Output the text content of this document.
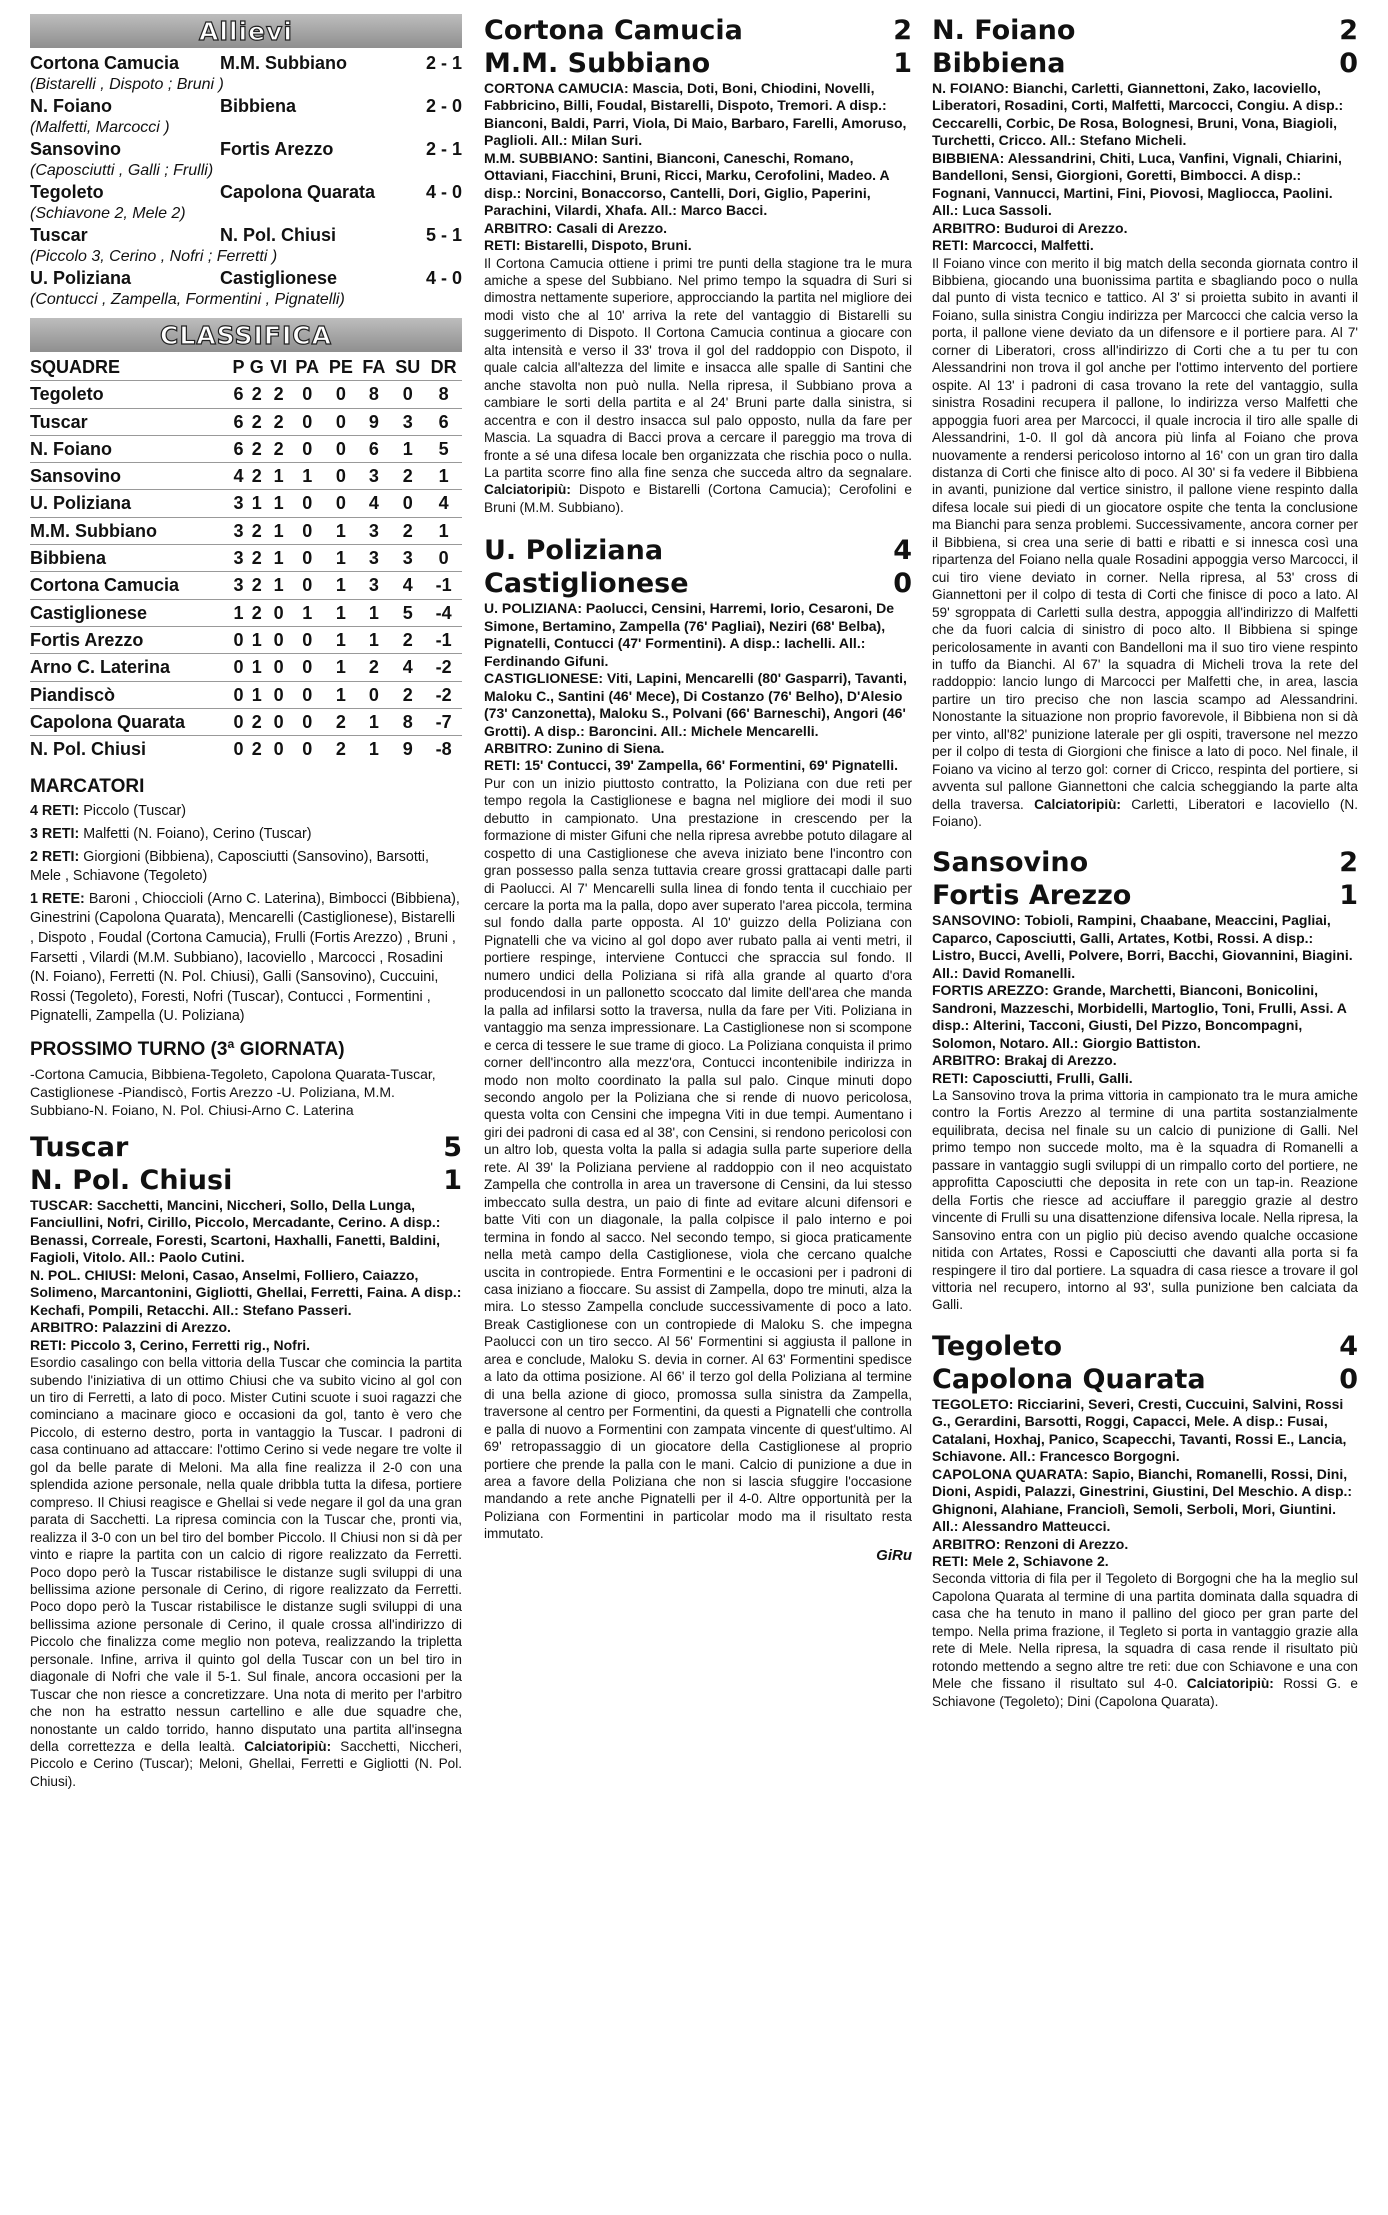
Allievi
Cortona Camucia	M.M. Subbiano	2 - 1
(Bistarelli , Dispoto ; Bruni )		
N. Foiano	Bibbiena	2 - 0
(Malfetti, Marcocci )		
Sansovino	Fortis Arezzo	2 - 1
(Caposciutti , Galli ; Frulli)		
Tegoleto	Capolona Quarata	4 - 0
(Schiavone 2, Mele 2)		
Tuscar	N. Pol. Chiusi	5 - 1
(Piccolo 3, Cerino , Nofri ; Ferretti )		
U. Poliziana	Castiglionese	4 - 0
(Contucci , Zampella, Formentini , Pignatelli)		
CLASSIFICA
SQUADRE	P	G	VI	PA	PE	FA	SU	DR
Tegoleto	6	2	2	0	0	8	0	8
Tuscar	6	2	2	0	0	9	3	6
N. Foiano	6	2	2	0	0	6	1	5
Sansovino	4	2	1	1	0	3	2	1
U. Poliziana	3	1	1	0	0	4	0	4
M.M. Subbiano	3	2	1	0	1	3	2	1
Bibbiena	3	2	1	0	1	3	3	0
Cortona Camucia	3	2	1	0	1	3	4	-1
Castiglionese	1	2	0	1	1	1	5	-4
Fortis Arezzo	0	1	0	0	1	1	2	-1
Arno C. Laterina	0	1	0	0	1	2	4	-2
Piandiscò	0	1	0	0	1	0	2	-2
Capolona Quarata	0	2	0	0	2	1	8	-7
N. Pol. Chiusi	0	2	0	0	2	1	9	-8
MARCATORI

4 RETI: Piccolo (Tuscar)

3 RETI: Malfetti (N. Foiano), Cerino (Tuscar)

2 RETI: Giorgioni (Bibbiena), Caposciutti (Sansovino), Barsotti, Mele , Schiavone (Tegoleto)

1 RETE: Baroni , Chioccioli (Arno C. Laterina), Bimbocci (Bibbiena), Ginestrini (Capolona Quarata), Mencarelli (Castiglionese), Bistarelli , Dispoto , Foudal (Cortona Camucia), Frulli (Fortis Arezzo) , Bruni , Farsetti , Vilardi (M.M. Subbiano), Iacoviello , Marcocci , Rosadini (N. Foiano), Ferretti (N. Pol. Chiusi), Galli (Sansovino), Cuccuini, Rossi (Tegoleto), Foresti, Nofri (Tuscar), Contucci , Formentini , Pignatelli, Zampella (U. Poliziana)

PROSSIMO TURNO (3ª GIORNATA)

-Cortona Camucia, Bibbiena-Tegoleto, Capolona Quarata-Tuscar, Castiglionese -Piandiscò, Fortis Arezzo -U. Poliziana, M.M. Subbiano-N. Foiano, N. Pol. Chiusi-Arno C. Laterina

Tuscar	5
N. Pol. Chiusi	1

TUSCAR: Sacchetti, Mancini, Niccheri, Sollo, Della Lunga, Fanciullini, Nofri, Cirillo, Piccolo, Mercadante, Cerino. A disp.: Benassi, Correale, Foresti, Scartoni, Haxhalli, Fanetti, Baldini, Fagioli, Vitolo. All.: Paolo Cutini.

N. POL. CHIUSI: Meloni, Casao, Anselmi, Folliero, Caiazzo, Solimeno, Marcantonini, Gigliotti, Ghellai, Ferretti, Faina. A disp.: Kechafi, Pompili, Retacchi. All.: Stefano Passeri.

ARBITRO: Palazzini di Arezzo.

RETI: Piccolo 3, Cerino, Ferretti rig., Nofri.

Esordio casalingo con bella vittoria della Tuscar che comincia la partita subendo l'iniziativa di un ottimo Chiusi che va subito vicino al gol con un tiro di Ferretti, a lato di poco. Mister Cutini scuote i suoi ragazzi che cominciano a macinare gioco e occasioni da gol, tanto è vero che Piccolo, di esterno destro, porta in vantaggio la Tuscar. I padroni di casa continuano ad attaccare: l'ottimo Cerino si vede negare tre volte il gol da belle parate di Meloni. Ma alla fine realizza il 2-0 con una splendida azione personale, nella quale dribbla tutta la difesa, portiere compreso. Il Chiusi reagisce e Ghellai si vede negare il gol da una gran parata di Sacchetti. La ripresa comincia con la Tuscar che, pronti via, realizza il 3-0 con un bel tiro del bomber Piccolo. Il Chiusi non si dà per vinto e riapre la partita con un calcio di rigore realizzato da Ferretti. Poco dopo però la Tuscar ristabilisce le distanze sugli sviluppi di una bellissima azione personale di Cerino, di rigore realizzato da Ferretti. Poco dopo però la Tuscar ristabilisce le distanze sugli sviluppi di una bellissima azione personale di Cerino, il quale crossa all'indirizzo di Piccolo che finalizza come meglio non poteva, realizzando la tripletta personale. Infine, arriva il quinto gol della Tuscar con un bel tiro in diagonale di Nofri che vale il 5-1. Sul finale, ancora occasioni per la Tuscar che non riesce a concretizzare. Una nota di merito per l'arbitro che non ha estratto nessun cartellino e alle due squadre che, nonostante un caldo torrido, hanno disputato una partita all'insegna della correttezza e della lealtà. Calciatoripiù: Sacchetti, Niccheri, Piccolo e Cerino (Tuscar); Meloni, Ghellai, Ferretti e Gigliotti (N. Pol. Chiusi).

Cortona Camucia	2
M.M. Subbiano	1

CORTONA CAMUCIA: Mascia, Doti, Boni, Chiodini, Novelli, Fabbricino, Billi, Foudal, Bistarelli, Dispoto, Tremori. A disp.: Bianconi, Baldi, Parri, Viola, Di Maio, Barbaro, Farelli, Amoruso, Paglioli. All.: Milan Suri.

M.M. SUBBIANO: Santini, Bianconi, Caneschi, Romano, Ottaviani, Fiacchini, Bruni, Ricci, Marku, Cerofolini, Madeo. A disp.: Norcini, Bonaccorso, Cantelli, Dori, Giglio, Paperini, Parachini, Vilardi, Xhafa. All.: Marco Bacci.

ARBITRO: Casali di Arezzo.

RETI: Bistarelli, Dispoto, Bruni.

Il Cortona Camucia ottiene i primi tre punti della stagione tra le mura amiche a spese del Subbiano. Nel primo tempo la squadra di Suri si dimostra nettamente superiore, approcciando la partita nel migliore dei modi visto che al 10' arriva la rete del vantaggio di Bistarelli su suggerimento di Dispoto. Il Cortona Camucia continua a giocare con alta intensità e verso il 33' trova il gol del raddoppio con Dispoto, il quale calcia all'altezza del limite e insacca alle spalle di Santini che anche stavolta non può nulla. Nella ripresa, il Subbiano prova a cambiare le sorti della partita e al 24' Bruni parte dalla sinistra, si accentra e con il destro insacca sul palo opposto, nulla da fare per Mascia. La squadra di Bacci prova a cercare il pareggio ma trova di fronte a sé una difesa locale ben organizzata che rischia poco o nulla. La partita scorre fino alla fine senza che succeda altro da segnalare. Calciatoripiù: Dispoto e Bistarelli (Cortona Camucia); Cerofolini e Bruni (M.M. Subbiano).

U. Poliziana	4
Castiglionese	0

U. POLIZIANA: Paolucci, Censini, Harremi, Iorio, Cesaroni, De Simone, Bertamino, Zampella (76' Pagliai), Neziri (68' Belba), Pignatelli, Contucci (47' Formentini). A disp.: Iachelli. All.: Ferdinando Gifuni.

CASTIGLIONESE: Viti, Lapini, Mencarelli (80' Gasparri), Tavanti, Maloku C., Santini (46' Mece), Di Costanzo (76' Belho), D'Alesio (73' Canzonetta), Maloku S., Polvani (66' Barneschi), Angori (46' Grotti). A disp.: Baroncini. All.: Michele Mencarelli.

ARBITRO: Zunino di Siena.

RETI: 15' Contucci, 39' Zampella, 66' Formentini, 69' Pignatelli.

Pur con un inizio piuttosto contratto, la Poliziana con due reti per tempo regola la Castiglionese e bagna nel migliore dei modi il suo debutto in campionato. Una prestazione in crescendo per la formazione di mister Gifuni che nella ripresa avrebbe potuto dilagare al cospetto di una Castiglionese che aveva iniziato bene l'incontro con gran possesso palla senza tuttavia creare grossi grattacapi dalle parti di Paolucci. Al 7' Mencarelli sulla linea di fondo tenta il cucchiaio per cercare la porta ma la palla, dopo aver superato l'area piccola, termina sul fondo dalla parte opposta. Al 10' guizzo della Poliziana con Pignatelli che va vicino al gol dopo aver rubato palla ai venti metri, il portiere respinge, interviene Contucci che spraccia sul fondo. Il numero undici della Poliziana si rifà alla grande al quarto d'ora producendosi in un pallonetto scoccato dal limite dell'area che manda la palla ad infilarsi sotto la traversa, nulla da fare per Viti. Poliziana in vantaggio ma senza impressionare. La Castiglionese non si scompone e cerca di tessere le sue trame di gioco. La Poliziana conquista il primo corner dell'incontro alla mezz'ora, Contucci incontenibile indirizza in modo non molto coordinato la palla sul palo. Cinque minuti dopo secondo angolo per la Poliziana che si rende di nuovo pericolosa, questa volta con Censini che impegna Viti in due tempi. Aumentano i giri dei padroni di casa ed al 38', con Censini, si rendono pericolosi con un altro lob, questa volta la palla si adagia sulla parte superiore della rete. Al 39' la Poliziana perviene al raddoppio con il neo acquistato Zampella che controlla in area un traversone di Censini, da lui stesso imbeccato sulla destra, un paio di finte ad evitare alcuni difensori e batte Viti con un diagonale, la palla colpisce il palo interno e poi termina in fondo al sacco. Nel secondo tempo, si gioca praticamente nella metà campo della Castiglionese, viola che cercano qualche uscita in contropiede. Entra Formentini e le occasioni per i padroni di casa iniziano a fioccare. Su assist di Zampella, dopo tre minuti, alza la mira. Lo stesso Zampella conclude successivamente di poco a lato. Break Castiglionese con un contropiede di Maloku S. che impegna Paolucci con un tiro secco. Al 56' Formentini si aggiusta il pallone in area e conclude, Maloku S. devia in corner. Al 63' Formentini spedisce a lato da ottima posizione. Al 66' il terzo gol della Poliziana al termine di una bella azione di gioco, promossa sulla sinistra da Zampella, traversone al centro per Formentini, da questi a Pignatelli che controlla e palla di nuovo a Formentini con zampata vincente di quest'ultimo. Al 69' retropassaggio di un giocatore della Castiglionese al proprio portiere che prende la palla con le mani. Calcio di punizione a due in area a favore della Poliziana che non si lascia sfuggire l'occasione mandando a rete anche Pignatelli per il 4-0. Altre opportunità per la Poliziana con Formentini in particolar modo ma il risultato resta immutato.

GiRu
N. Foiano	2
Bibbiena	0

N. FOIANO: Bianchi, Carletti, Giannettoni, Zako, Iacoviello, Liberatori, Rosadini, Corti, Malfetti, Marcocci, Congiu. A disp.: Ceccarelli, Corbic, De Rosa, Bolognesi, Bruni, Vona, Biagioli, Turchetti, Cricco. All.: Stefano Micheli.

BIBBIENA: Alessandrini, Chiti, Luca, Vanfini, Vignali, Chiarini, Bandelloni, Sensi, Giorgioni, Goretti, Bimbocci. A disp.: Fognani, Vannucci, Martini, Fini, Piovosi, Magliocca, Paolini. All.: Luca Sassoli.

ARBITRO: Buduroi di Arezzo.

RETI: Marcocci, Malfetti.

Il Foiano vince con merito il big match della seconda giornata contro il Bibbiena, giocando una buonissima partita e sbagliando poco o nulla dal punto di vista tecnico e tattico. Al 3' si proietta subito in avanti il Foiano, sulla sinistra Congiu indirizza per Marcocci che calcia verso la porta, il pallone viene deviato da un difensore e il portiere para. Al 7' corner di Liberatori, cross all'indirizzo di Corti che a tu per tu con Alessandrini non trova il gol anche per l'ottimo intervento del portiere ospite. Al 13' i padroni di casa trovano la rete del vantaggio, sulla sinistra Rosadini recupera il pallone, lo indirizza verso Malfetti che appoggia fuori area per Marcocci, il quale incrocia il tiro alle spalle di Alessandrini, 1-0. Il gol dà ancora più linfa al Foiano che prova nuovamente a rendersi pericoloso intorno al 16' con un gran tiro dalla distanza di Corti che finisce alto di poco. Al 30' si fa vedere il Bibbiena in avanti, punizione dal vertice sinistro, il pallone viene respinto dalla difesa locale sui piedi di un giocatore ospite che tenta la conclusione ma Bianchi para senza problemi. Successivamente, ancora corner per il Bibbiena, si crea una serie di batti e ribatti e si innesca così una ripartenza del Foiano nella quale Rosadini appoggia verso Marcocci, il cui tiro viene deviato in corner. Nella ripresa, al 53' cross di Giannettoni per il colpo di testa di Corti che finisce di poco a lato. Al 59' sgroppata di Carletti sulla destra, appoggia all'indirizzo di Malfetti che da fuori calcia di sinistro di poco alto. Il Bibbiena si spinge pericolosamente in avanti con Bandelloni ma il suo tiro viene respinto in tuffo da Bianchi. Al 67' la squadra di Micheli trova la rete del raddoppio: lancio lungo di Marcocci per Malfetti che, in area, lascia partire un tiro preciso che non lascia scampo ad Alessandrini. Nonostante la situazione non proprio favorevole, il Bibbiena non si dà per vinto, all'82' punizione laterale per gli ospiti, traversone nel mezzo per il colpo di testa di Giorgioni che finisce a lato di poco. Nel finale, il Foiano va vicino al terzo gol: corner di Cricco, respinta del portiere, si avventa sul pallone Giannettoni che calcia scheggiando la parte alta della traversa. Calciatoripiù: Carletti, Liberatori e Iacoviello (N. Foiano).

Sansovino	2
Fortis Arezzo	1

SANSOVINO: Tobioli, Rampini, Chaabane, Meaccini, Pagliai, Caparco, Caposciutti, Galli, Artates, Kotbi, Rossi. A disp.: Listro, Bucci, Avelli, Polvere, Borri, Bacchi, Giovannini, Biagini. All.: David Romanelli.

FORTIS AREZZO: Grande, Marchetti, Bianconi, Bonicolini, Sandroni, Mazzeschi, Morbidelli, Martoglio, Toni, Frulli, Assi. A disp.: Alterini, Tacconi, Giusti, Del Pizzo, Boncompagni, Solomon, Notaro. All.: Giorgio Battiston.

ARBITRO: Brakaj di Arezzo.

RETI: Caposciutti, Frulli, Galli.

La Sansovino trova la prima vittoria in campionato tra le mura amiche contro la Fortis Arezzo al termine di una partita sostanzialmente equilibrata, decisa nel finale su un calcio di punizione di Galli. Nel primo tempo non succede molto, ma è la squadra di Romanelli a passare in vantaggio sugli sviluppi di un rimpallo corto del portiere, ne approfitta Caposciutti che deposita in rete con un tap-in. Reazione della Fortis che riesce ad acciuffare il pareggio grazie al destro vincente di Frulli su una disattenzione difensiva locale. Nella ripresa, la Sansovino entra con un piglio più deciso avendo qualche occasione nitida con Artates, Rossi e Caposciutti che davanti alla porta si fa respingere il tiro dal portiere. La squadra di casa riesce a trovare il gol vittoria nel recupero, intorno al 93', sulla punizione ben calciata da Galli.

Tegoleto	4
Capolona Quarata	0

TEGOLETO: Ricciarini, Severi, Cresti, Cuccuini, Salvini, Rossi G., Gerardini, Barsotti, Roggi, Capacci, Mele. A disp.: Fusai, Catalani, Hoxhaj, Panico, Scapecchi, Tavanti, Rossi E., Lancia, Schiavone. All.: Francesco Borgogni.

CAPOLONA QUARATA: Sapio, Bianchi, Romanelli, Rossi, Dini, Dioni, Aspidi, Palazzi, Ginestrini, Giustini, Del Meschio. A disp.: Ghignoni, Alahiane, Franciolì, Semoli, Serboli, Mori, Giuntini. All.: Alessandro Matteucci.

ARBITRO: Renzoni di Arezzo.

RETI: Mele 2, Schiavone 2.

Seconda vittoria di fila per il Tegoleto di Borgogni che ha la meglio sul Capolona Quarata al termine di una partita dominata dalla squadra di casa che ha tenuto in mano il pallino del gioco per gran parte del tempo. Nella prima frazione, il Tegleto si porta in vantaggio grazie alla rete di Mele. Nella ripresa, la squadra di casa rende il risultato più rotondo mettendo a segno altre tre reti: due con Schiavone e una con Mele che fissano il risultato sul 4-0. Calciatoripiù: Rossi G. e Schiavone (Tegoleto); Dini (Capolona Quarata).
